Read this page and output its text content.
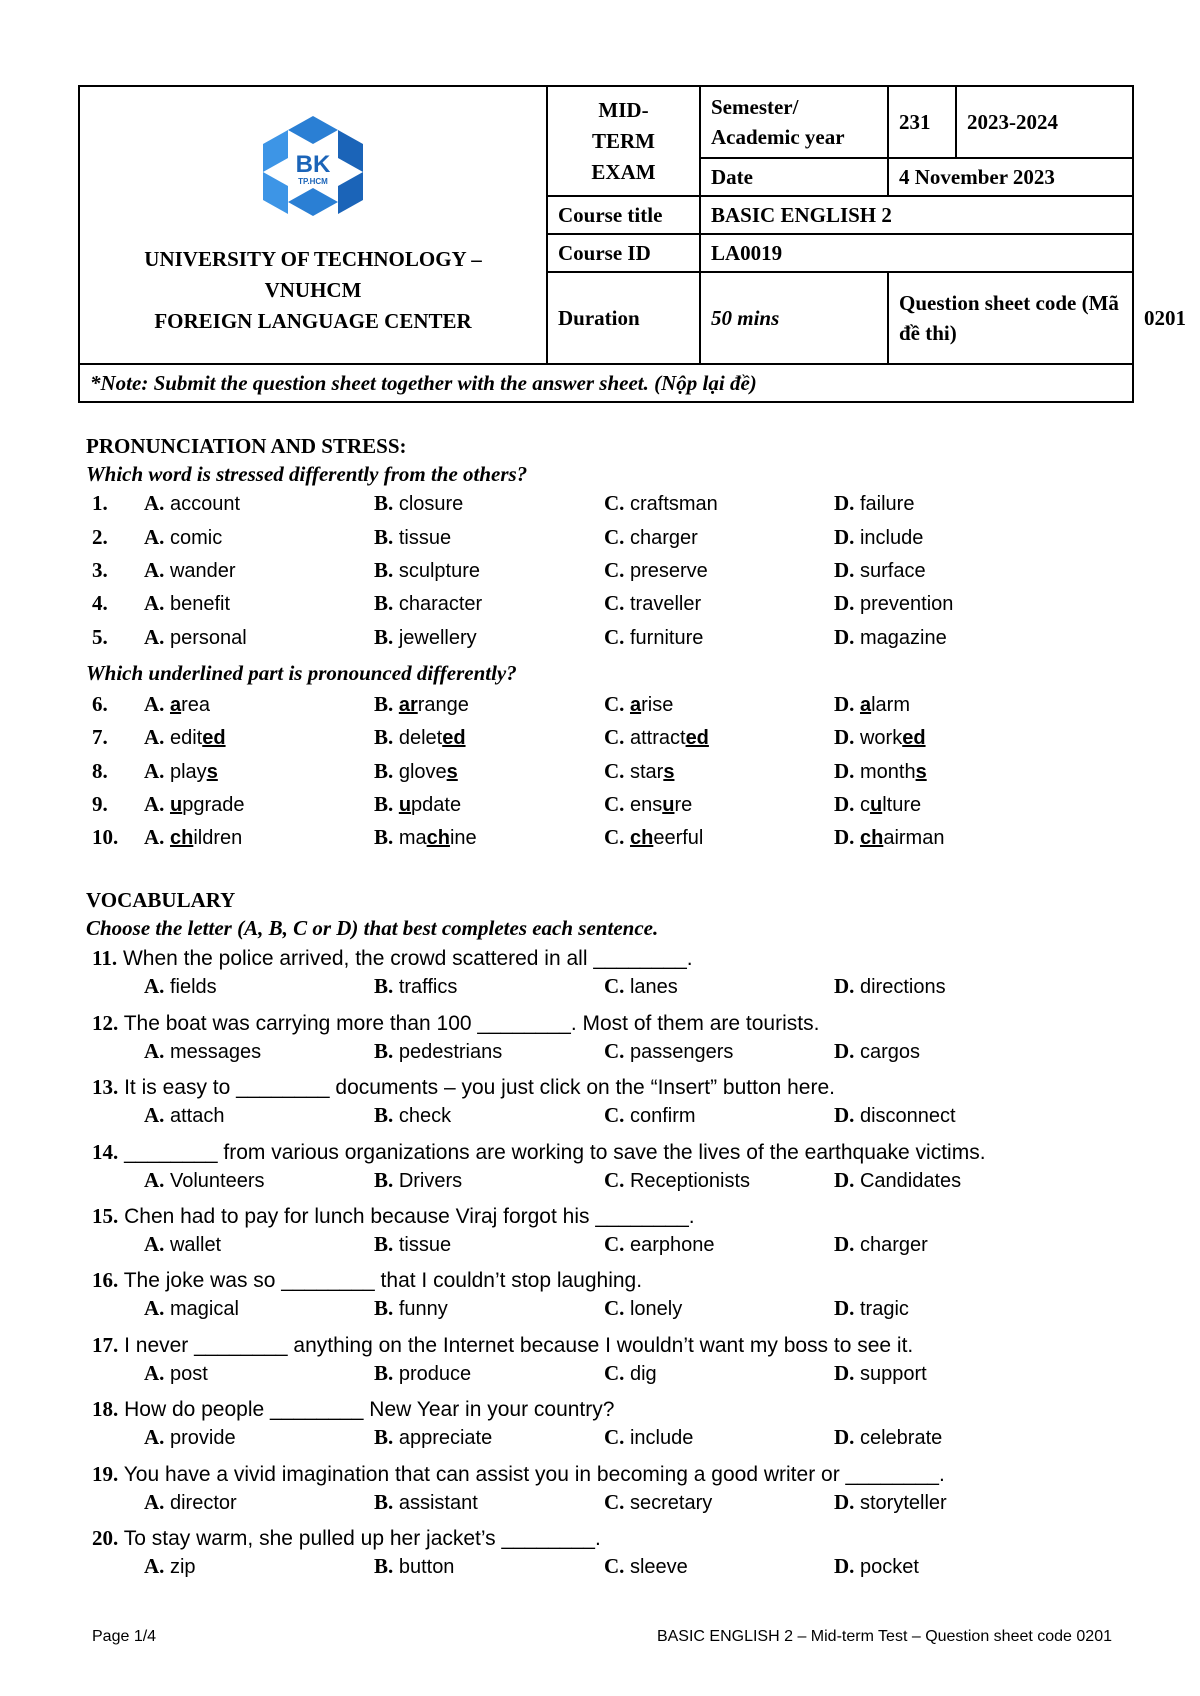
BK
TP.HCM
UNIVERSITY OF TECHNOLOGY – VNUHCM
FOREIGN LANGUAGE CENTER	MID-TERM EXAM	Semester/ Academic year	231	2023-2024	
		Date	4 November 2023		
	Course title	BASIC ENGLISH 2			
	Course ID	LA0019			
	Duration	50 mins	Question sheet code (Mã đề thi)		0201
*Note: Submit the question sheet together with the answer sheet. (Nộp lại đề)					
PRONUNCIATION AND STRESS:
Which word is stressed differently from the others?
1. A. account	B. closure	C. craftsman	D. failure
2. A. comic	B. tissue	C. charger	D. include
3. A. wander	B. sculpture	C. preserve	D. surface
4. A. benefit	B. character	C. traveller	D. prevention
5. A. personal	B. jewellery	C. furniture	D. magazine
Which underlined part is pronounced differently?
6. A. area	B. arrange	C. arise	D. alarm
7. A. edited	B. deleted	C. attracted	D. worked
8. A. plays	B. gloves	C. stars	D. months
9. A. upgrade	B. update	C. ensure	D. culture
10. A. children	B. machine	C. cheerful	D. chairman
VOCABULARY
Choose the letter (A, B, C or D) that best completes each sentence.
11. When the police arrived, the crowd scattered in all ________.
A. fields	B. traffics	C. lanes	D. directions
12. The boat was carrying more than 100 ________. Most of them are tourists.
A. messages	B. pedestrians	C. passengers	D. cargos
13. It is easy to ________ documents – you just click on the “Insert” button here.
A. attach	B. check	C. confirm	D. disconnect
14. ________ from various organizations are working to save the lives of the earthquake victims.
A. Volunteers	B. Drivers	C. Receptionists	D. Candidates
15. Chen had to pay for lunch because Viraj forgot his ________.
A. wallet	B. tissue	C. earphone	D. charger
16. The joke was so ________ that I couldn’t stop laughing.
A. magical	B. funny	C. lonely	D. tragic
17. I never ________ anything on the Internet because I wouldn’t want my boss to see it.
A. post	B. produce	C. dig	D. support
18. How do people ________ New Year in your country?
A. provide	B. appreciate	C. include	D. celebrate
19. You have a vivid imagination that can assist you in becoming a good writer or ________.
A. director	B. assistant	C. secretary	D. storyteller
20. To stay warm, she pulled up her jacket’s ________.
A. zip	B. button	C. sleeve	D. pocket
Page 1/4	BASIC ENGLISH 2 – Mid-term Test – Question sheet code 0201
